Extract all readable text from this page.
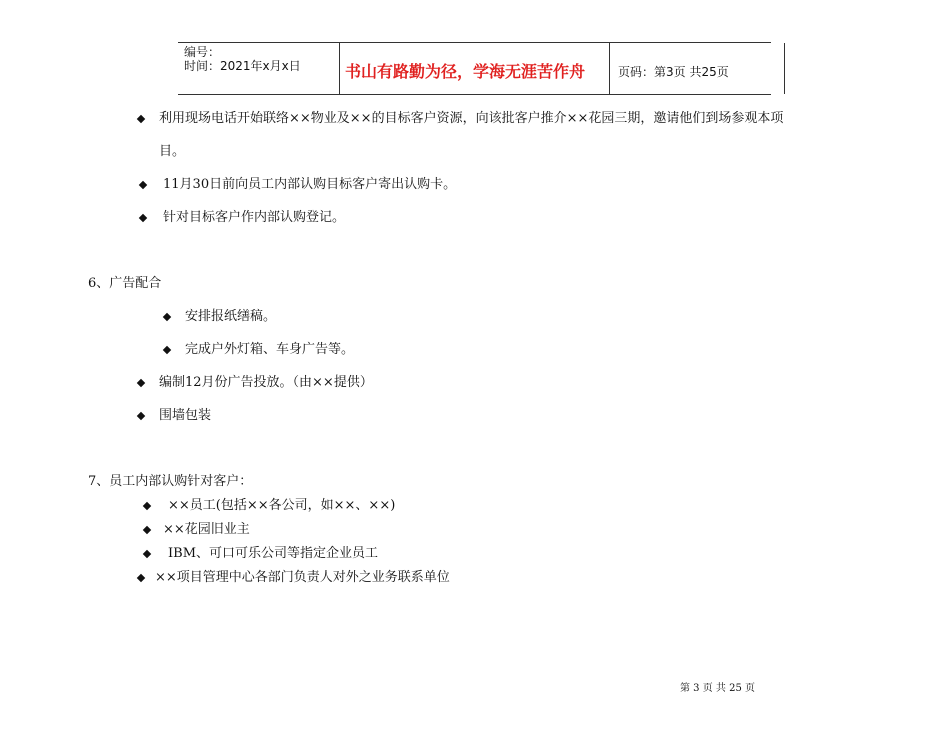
编号：
时间：2021年x月x日	书山有路勤为径，学海无涯苦作舟	页码：第3页 共25页
利用现场电话开始联络××物业及××的目标客户资源，向该批客户推介××花园三期，邀请他们到场参观本项
目。
11月30日前向员工内部认购目标客户寄出认购卡。
针对目标客户作内部认购登记。
6、广告配合
安排报纸缮稿。
完成户外灯箱、车身广告等。
编制12月份广告投放。（由××提供）
围墙包装
7、员工内部认购针对客户：
××员工(包括××各公司，如××、××)
××花园旧业主
IBM、可口可乐公司等指定企业员工
××项目管理中心各部门负责人对外之业务联系单位
第 3 页 共 25 页
